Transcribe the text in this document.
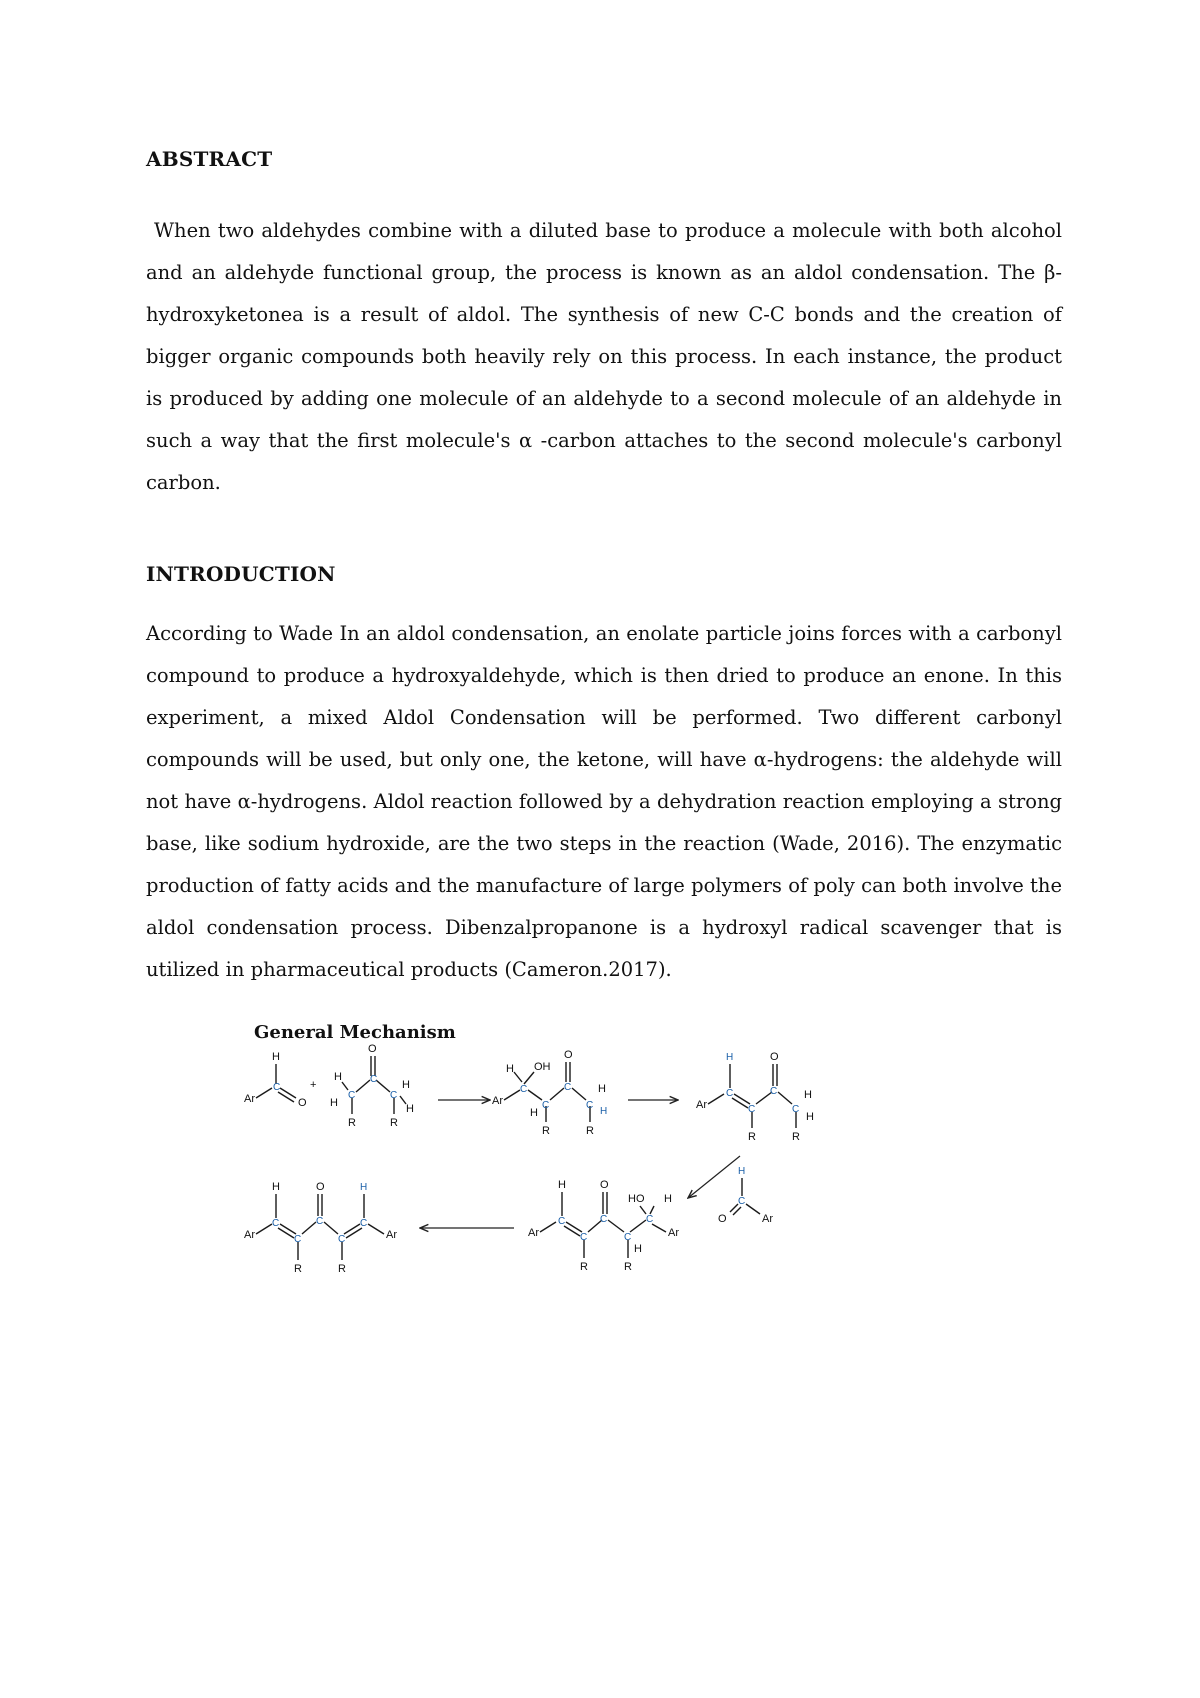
ABSTRACT

When two aldehydes combine with a diluted base to produce a molecule with both alcohol and an aldehyde functional group, the process is known as an aldol condensation. The β-hydroxyketonea is a result of aldol. The synthesis of new C-C bonds and the creation of bigger organic compounds both heavily rely on this process. In each instance, the product is produced by adding one molecule of an aldehyde to a second molecule of an aldehyde in such a way that the first molecule's α -carbon attaches to the second molecule's carbonyl carbon.

INTRODUCTION

According to Wade In an aldol condensation, an enolate particle joins forces with a carbonyl compound to produce a hydroxyaldehyde, which is then dried to produce an enone. In this experiment, a mixed Aldol Condensation will be performed. Two different carbonyl compounds will be used, but only one, the ketone, will have α-hydrogens: the aldehyde will not have α-hydrogens. Aldol reaction followed by a dehydration reaction employing a strong base, like sodium hydroxide, are the two steps in the reaction (Wade, 2016). The enzymatic production of fatty acids and the manufacture of large polymers of poly can both involve the aldol condensation process. Dibenzalpropanone is a hydroxyl radical scavenger that is utilized in pharmaceutical products (Cameron.2017).

General Mechanism
Ar
H
C
O
+
O
C
C
C
H
H
H
H
R	R
Ar
H OH
O
C
C
C
C
H
H
H
R	R
Ar
H	O
C
C
C
C
H
H
R	R
H
C
O	Ar
Ar
H	O
HO H
C
C
C
C
C
Ar
H
R	R
Ar
H	O	H
C
C
C
C
C
Ar
R	R
